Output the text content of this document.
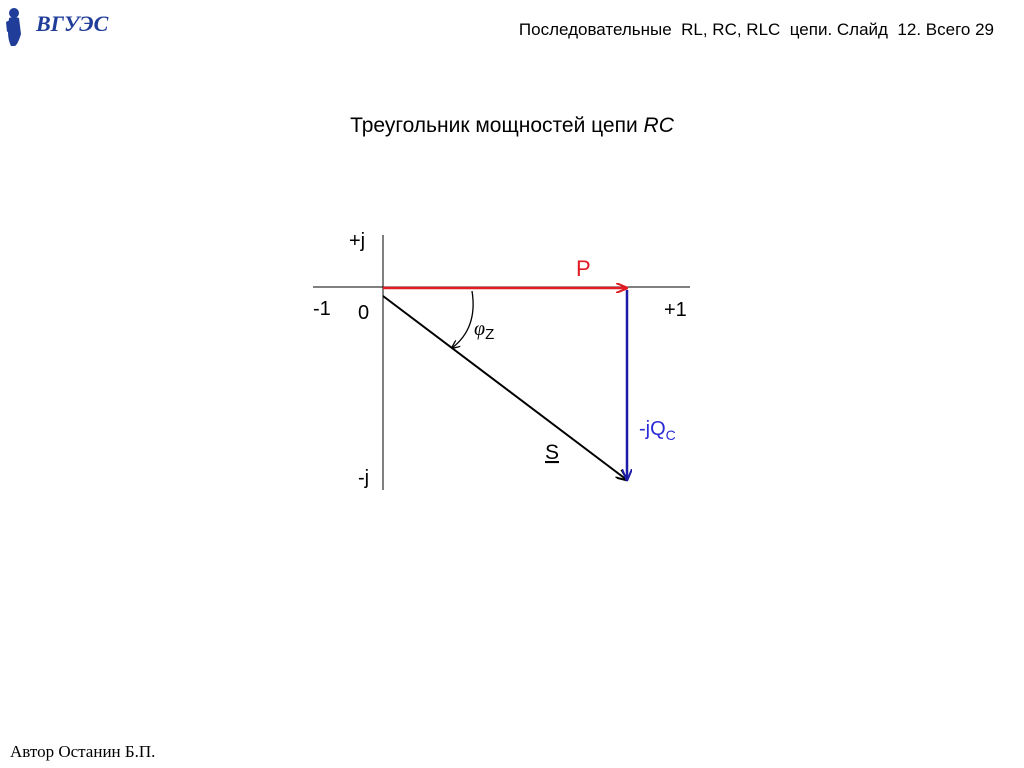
ВГУЭС	Последовательные  RL, RC, RLC  цепи. Слайд  12. Всего 29
Треугольник мощностей цепи RC
+j
-j
-1 0	+1
P
S
$-jQ_C$
$\varphi_Z$
Автор Останин Б.П.
